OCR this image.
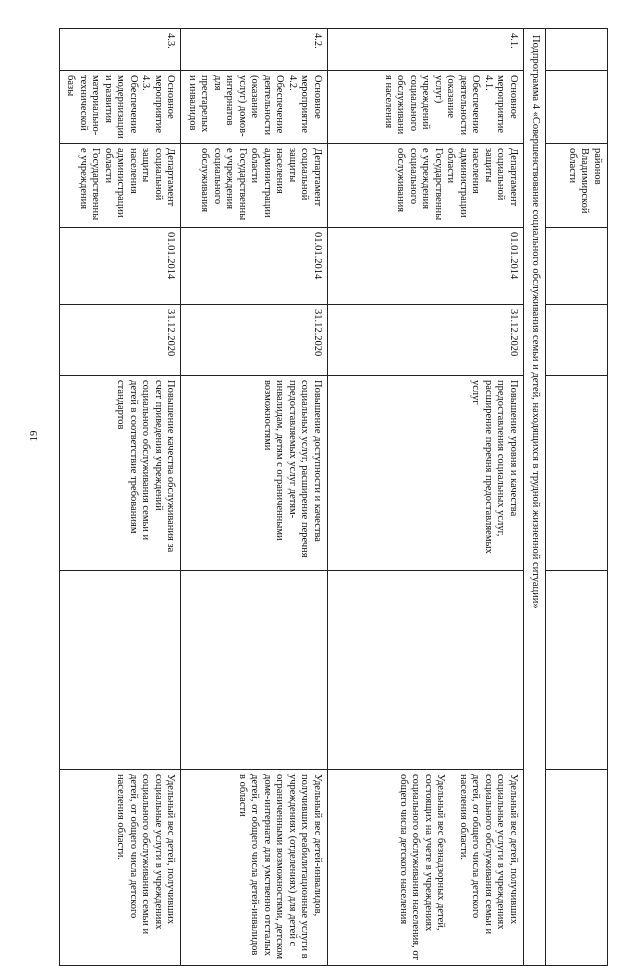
19
		районов Владимирской области					
Подпрограмма 4 «Совершенствование социального обслуживания семьи и детей, находящихся в трудной жизненной ситуации»							
4.1.	Основное мероприятие 4.1. Обеспечение деятельности (оказание услуг) учреждений социального обслуживания населения	Департамент социальной защиты населения администрации области Государственные учреждения социального обслуживания	01.01.2014	31.12.2020	Повышение уровня и качества предоставления социальных услуг, расширение перечня предоставляемых услуг		Удельный вес детей, получивших социальные услуги в учреждениях социального обслуживания семьи и детей, от общего числа детского населения области.

Удельный вес безнадзорных детей, состоящих на учете в учреждениях социального обслуживания населения, от общего числа детского населения

4.2.	Основное мероприятие 4.2. Обеспечение деятельности (оказание услуг) домов-интернатов для престарелых и инвалидов	Департамент социальной защиты населения администрации области Государственные учреждения социального обслуживания	01.01.2014	31.12.2020	Повышение доступности и качества социальных услуг, расширение перечня предоставляемых услуг детям-инвалидам, детям с ограниченными возможностями		Удельный вес детей-инвалидов, получивших реабилитационные услуги в учреждениях (отделениях) для детей с ограниченными возможностями, детском доме-интернате для умственно отсталых детей, от общего числа детей-инвалидов в области

4.3.	Основное мероприятие 4.3. Обеспечение модернизации и развития материально-технической базы	Департамент социальной защиты населения администрации области Государственные учреждения	01.01.2014	31.12.2020	Повышение качества обслуживания за счет приведения учреждений социального обслуживания семьи и детей в соответствие требованиям стандартов		Удельный вес детей, получивших социальные услуги в учреждениях социального обслуживания семьи и детей, от общего числа детского населения области.
